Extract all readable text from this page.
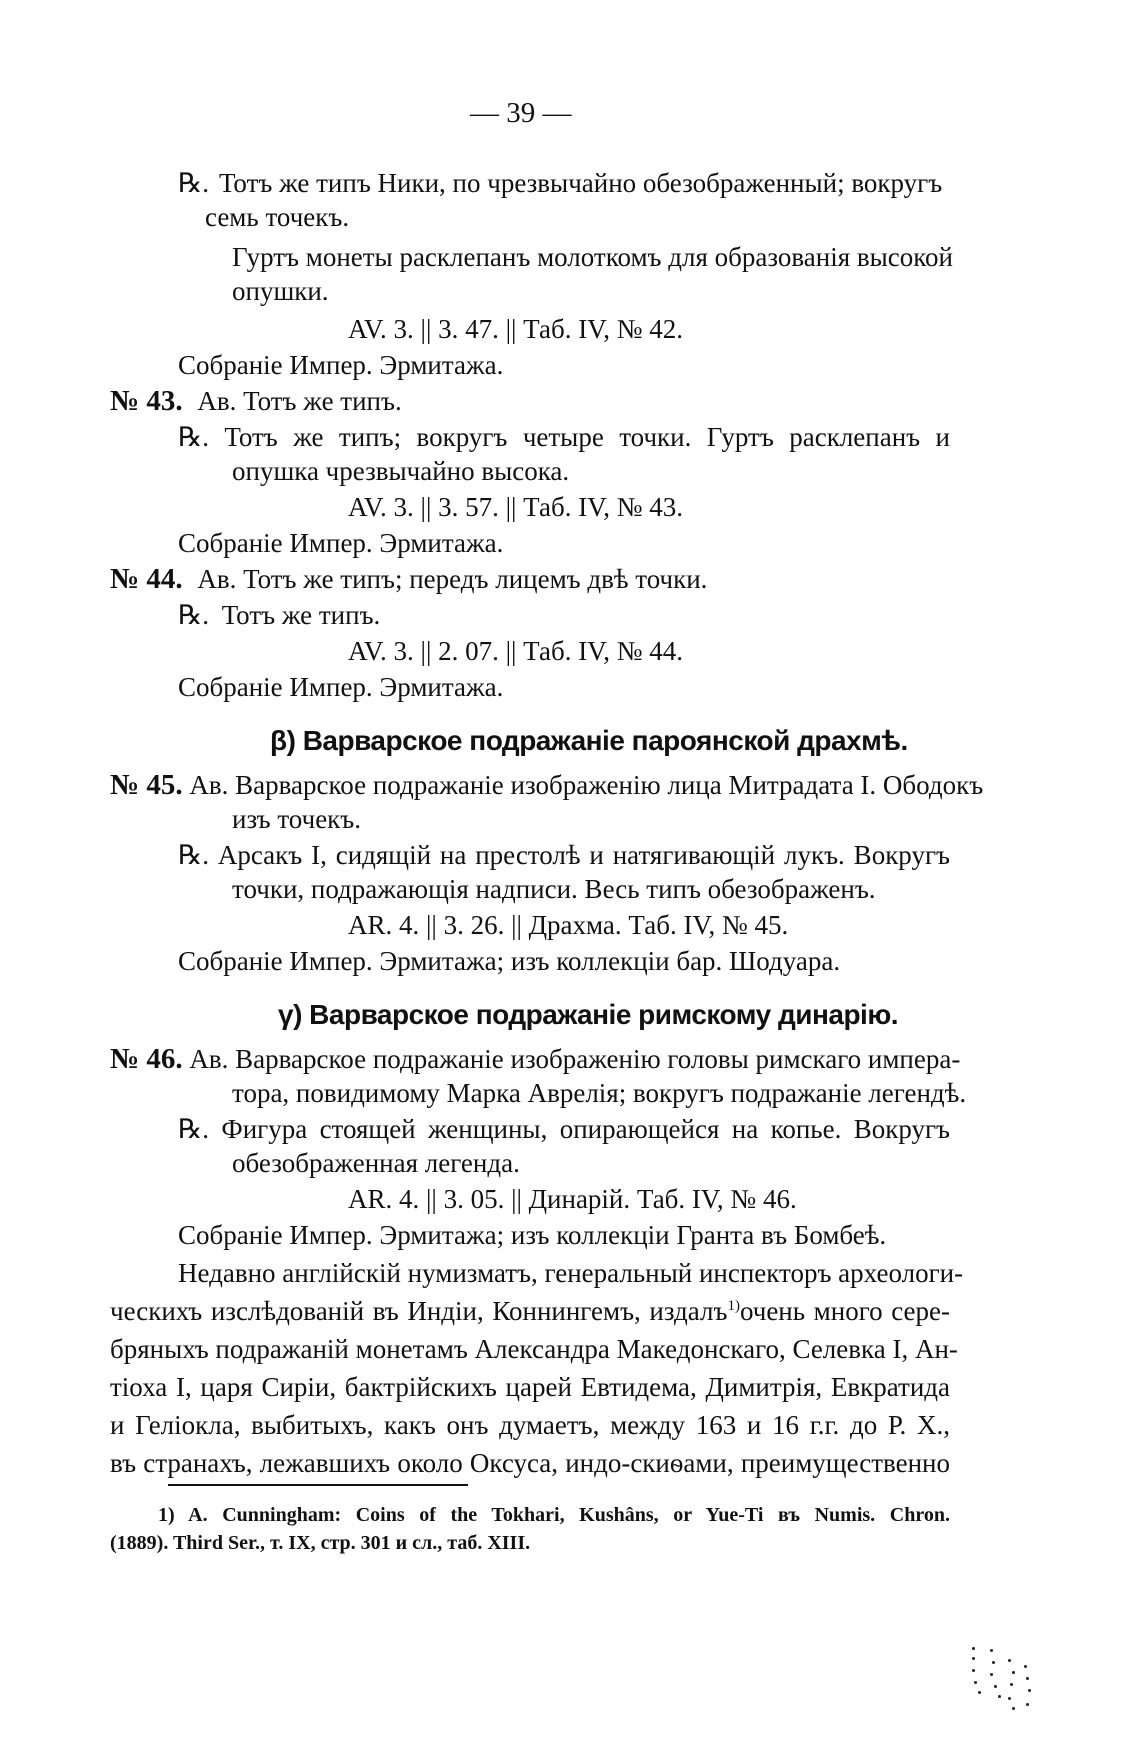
— 39 —
℞. Тотъ же типъ Ники, по чрезвычайно обезображенный; вокругъ
семь точекъ.
Гуртъ монеты расклепанъ молоткомъ для образованія высокой
опушки.
AV. 3. || 3. 47. || Таб. IV, № 42.
Собраніе Импер. Эрмитажа.
№ 43. Ав. Тотъ же типъ.
℞. Тотъ же типъ; вокругъ четыре точки. Гуртъ расклепанъ и
опушка чрезвычайно высока.
AV. 3. || 3. 57. || Таб. IV, № 43.
Собраніе Импер. Эрмитажа.
№ 44. Ав. Тотъ же типъ; передъ лицемъ двѣ точки.
℞. Тотъ же типъ.
AV. 3. || 2. 07. || Таб. IV, № 44.
Собраніе Импер. Эрмитажа.
β) Варварское подражаніе пароянской драхмѣ.
№ 45. Ав. Варварское подражаніе изображенію лица Митрадата I. Ободокъ
изъ точекъ.
℞. Арсакъ I, сидящій на престолѣ и натягивающій лукъ. Вокругъ
точки, подражающія надписи. Весь типъ обезображенъ.
AR. 4. || 3. 26. || Драхма. Таб. IV, № 45.
Собраніе Импер. Эрмитажа; изъ коллекціи бар. Шодуара.
γ) Варварское подражаніе римскому динарію.
№ 46. Ав. Варварское подражаніе изображенію головы римскаго импера-
тора, повидимому Марка Аврелія; вокругъ подражаніе легендѣ.
℞. Фигура стоящей женщины, опирающейся на копье. Вокругъ
обезображенная легенда.
AR. 4. || 3. 05. || Динарій. Таб. IV, № 46.
Собраніе Импер. Эрмитажа; изъ коллекціи Гранта въ Бомбеѣ.
Недавно англійскій нумизматъ, генеральный инспекторъ археологи-
ческихъ изслѣдованій въ Индіи, Коннингемъ, издалъ$^{1)}$очень много сере-
бряныхъ подражаній монетамъ Александра Македонскаго, Селевка I, Ан-
тіоха I, царя Сиріи, бактрійскихъ царей Евтидема, Димитрія, Евкратида
и Геліокла, выбитыхъ, какъ онъ думаетъ, между 163 и 16 г.г. до Р. Х.,
въ странахъ, лежавшихъ около Оксуса, индо-скиѳами, преимущественно
1) A. Cunningham: Coins of the Tokhari, Kushâns, or Yue-Ti въ Numis. Chron.
(1889). Third Ser., т. IX, стр. 301 и сл., таб. XIII.
